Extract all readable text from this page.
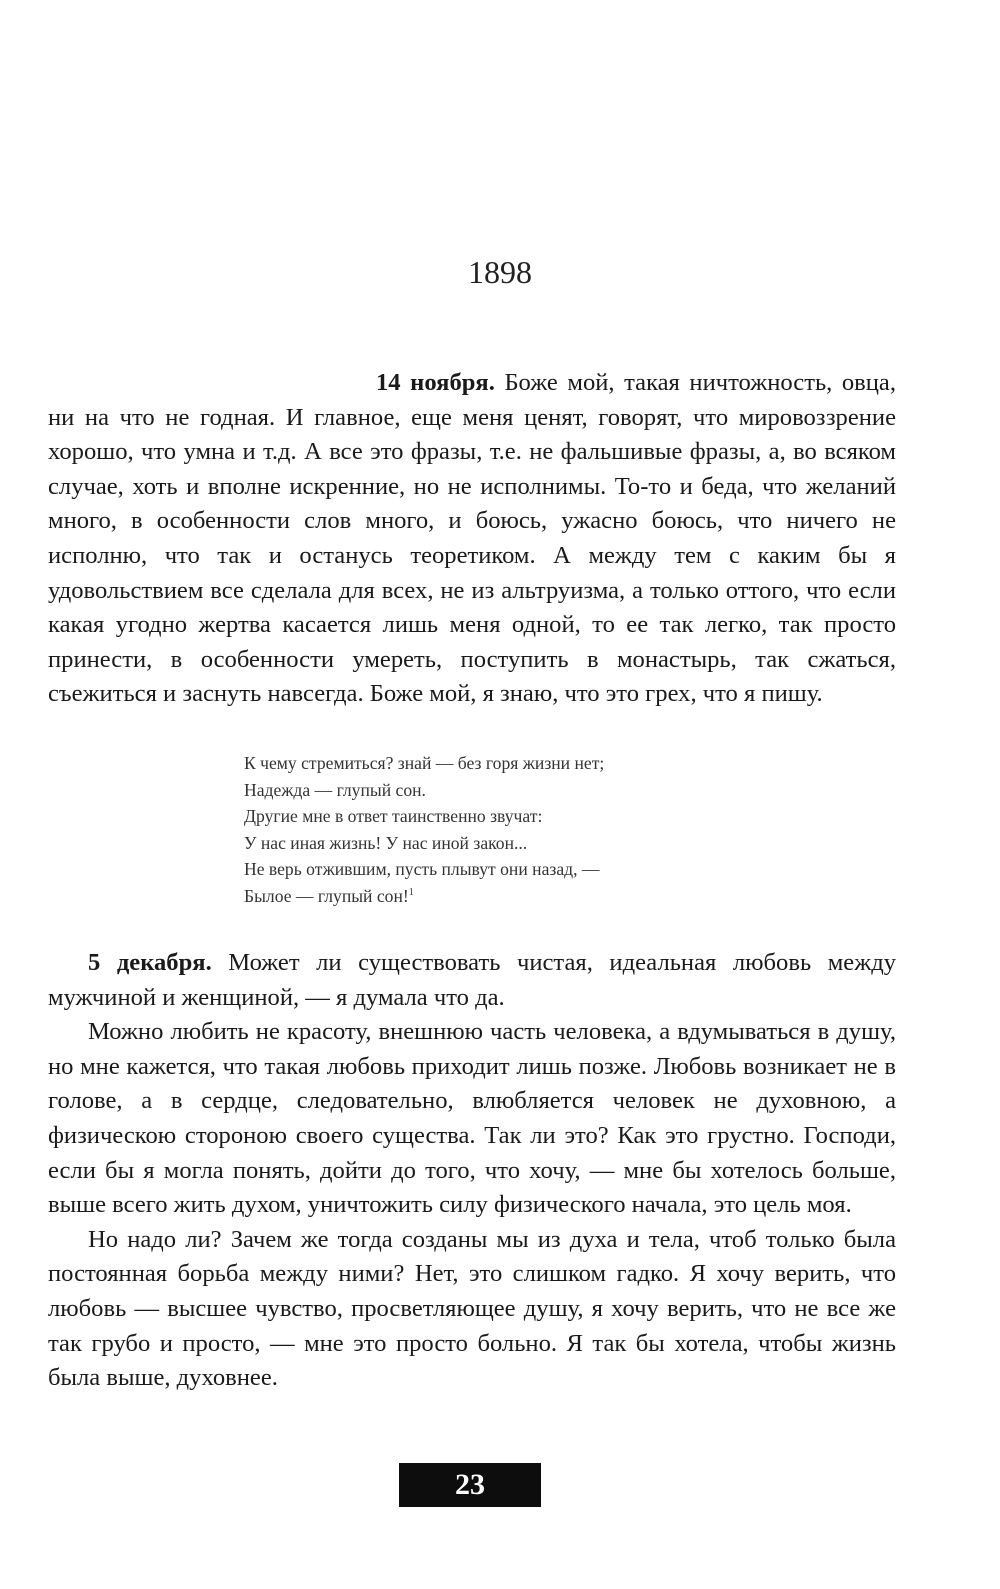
1898

14 ноября. Боже мой, такая ничтожность, овца, ни на что не годная. И главное, еще меня ценят, говорят, что мировоззрение хорошо, что умна и т.д. А все это фразы, т.е. не фальшивые фразы, а, во всяком случае, хоть и вполне искренние, но не исполнимы. То-то и беда, что желаний много, в особенности слов много, и боюсь, ужасно боюсь, что ничего не исполню, что так и останусь теоретиком. А между тем с каким бы я удовольствием все сделала для всех, не из альтруизма, а только оттого, что если какая угодно жертва касается лишь меня одной, то ее так легко, так просто принести, в особенности умереть, поступить в монастырь, так сжаться, съежиться и заснуть навсегда. Боже мой, я знаю, что это грех, что я пишу.

К чему стремиться? знай — без горя жизни нет;
Надежда — глупый сон.
Другие мне в ответ таинственно звучат:
У нас иная жизнь! У нас иной закон...
Не верь отжившим, пусть плывут они назад, —
Былое — глупый сон!$^1$

5 декабря. Может ли существовать чистая, идеальная любовь между мужчиной и женщиной, — я думала что да.

Можно любить не красоту, внешнюю часть человека, а вдумываться в душу, но мне кажется, что такая любовь приходит лишь позже. Любовь возникает не в голове, а в сердце, следовательно, влюбляется человек не духовною, а физическою стороною своего существа. Так ли это? Как это грустно. Господи, если бы я могла понять, дойти до того, что хочу, — мне бы хотелось больше, выше всего жить духом, уничтожить силу физического начала, это цель моя.

Но надо ли? Зачем же тогда созданы мы из духа и тела, чтоб только была постоянная борьба между ними? Нет, это слишком гадко. Я хочу верить, что любовь — высшее чувство, просветляющее душу, я хочу верить, что не все же так грубо и просто, — мне это просто больно. Я так бы хотела, чтобы жизнь была выше, духовнее.

23
